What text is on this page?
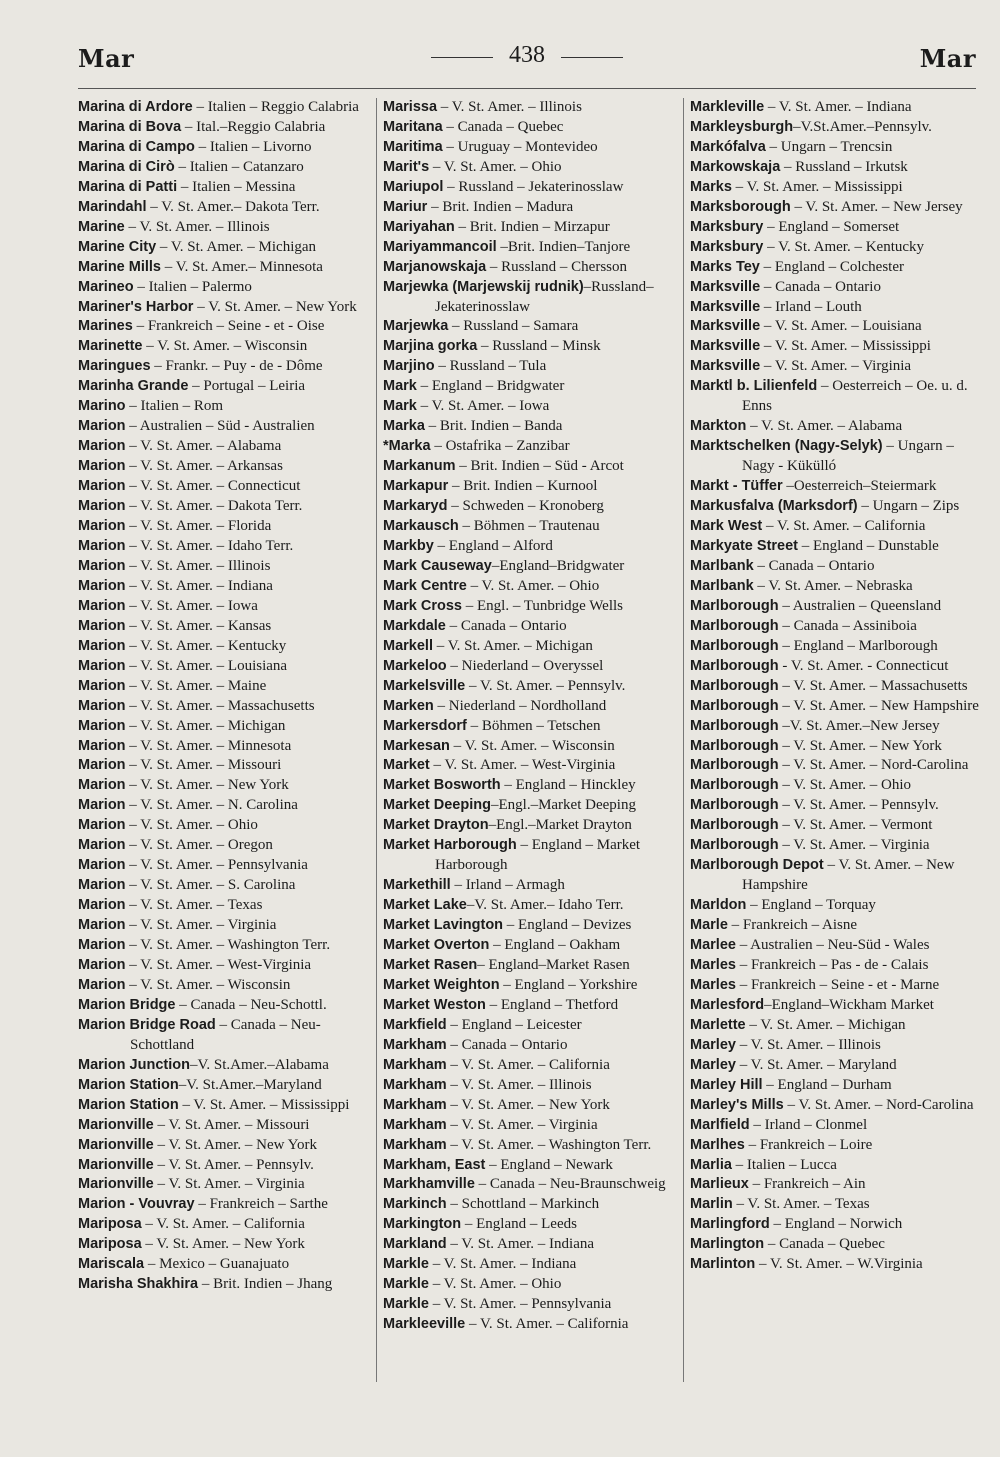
Mar	438	Mar
Marina di Ardore – Italien – Reggio Calabria
Marina di Bova – Ital.–Reggio Calabria
Marina di Campo – Italien – Livorno
Marina di Cirò – Italien – Catanzaro
Marina di Patti – Italien – Messina
Marindahl – V. St. Amer.– Dakota Terr.
Marine – V. St. Amer. – Illinois
Marine City – V. St. Amer. – Michigan
Marine Mills – V. St. Amer.– Minnesota
Marineo – Italien – Palermo
Mariner's Harbor – V. St. Amer. – New York
Marines – Frankreich – Seine - et - Oise
Marinette – V. St. Amer. – Wisconsin
Maringues – Frankr. – Puy - de - Dôme
Marinha Grande – Portugal – Leiria
Marino – Italien – Rom
Marion – Australien – Süd - Australien
Marion – V. St. Amer. – Alabama
Marion – V. St. Amer. – Arkansas
Marion – V. St. Amer. – Connecticut
Marion – V. St. Amer. – Dakota Terr.
Marion – V. St. Amer. – Florida
Marion – V. St. Amer. – Idaho Terr.
Marion – V. St. Amer. – Illinois
Marion – V. St. Amer. – Indiana
Marion – V. St. Amer. – Iowa
Marion – V. St. Amer. – Kansas
Marion – V. St. Amer. – Kentucky
Marion – V. St. Amer. – Louisiana
Marion – V. St. Amer. – Maine
Marion – V. St. Amer. – Massachusetts
Marion – V. St. Amer. – Michigan
Marion – V. St. Amer. – Minnesota
Marion – V. St. Amer. – Missouri
Marion – V. St. Amer. – New York
Marion – V. St. Amer. – N. Carolina
Marion – V. St. Amer. – Ohio
Marion – V. St. Amer. – Oregon
Marion – V. St. Amer. – Pennsylvania
Marion – V. St. Amer. – S. Carolina
Marion – V. St. Amer. – Texas
Marion – V. St. Amer. – Virginia
Marion – V. St. Amer. – Washington Terr.
Marion – V. St. Amer. – West-Virginia
Marion – V. St. Amer. – Wisconsin
Marion Bridge – Canada – Neu-Schottl.
Marion Bridge Road – Canada – Neu-Schottland
Marion Junction–V. St.Amer.–Alabama
Marion Station–V. St.Amer.–Maryland
Marion Station – V. St. Amer. – Mississippi
Marionville – V. St. Amer. – Missouri
Marionville – V. St. Amer. – New York
Marionville – V. St. Amer. – Pennsylv.
Marionville – V. St. Amer. – Virginia
Marion - Vouvray – Frankreich – Sarthe
Mariposa – V. St. Amer. – California
Mariposa – V. St. Amer. – New York
Mariscala – Mexico – Guanajuato
Marisha Shakhira – Brit. Indien – Jhang
Marissa – V. St. Amer. – Illinois
Maritana – Canada – Quebec
Maritima – Uruguay – Montevideo
Marit's – V. St. Amer. – Ohio
Mariupol – Russland – Jekaterinosslaw
Mariur – Brit. Indien – Madura
Mariyahan – Brit. Indien – Mirzapur
Mariyammancoil –Brit. Indien–Tanjore
Marjanowskaja – Russland – Chersson
Marjewka (Marjewskij rudnik)–Russland–Jekaterinosslaw
Marjewka – Russland – Samara
Marjina gorka – Russland – Minsk
Marjino – Russland – Tula
Mark – England – Bridgwater
Mark – V. St. Amer. – Iowa
Marka – Brit. Indien – Banda
*Marka – Ostafrika – Zanzibar
Markanum – Brit. Indien – Süd - Arcot
Markapur – Brit. Indien – Kurnool
Markaryd – Schweden – Kronoberg
Markausch – Böhmen – Trautenau
Markby – England – Alford
Mark Causeway–England–Bridgwater
Mark Centre – V. St. Amer. – Ohio
Mark Cross – Engl. – Tunbridge Wells
Markdale – Canada – Ontario
Markell – V. St. Amer. – Michigan
Markeloo – Niederland – Overyssel
Markelsville – V. St. Amer. – Pennsylv.
Marken – Niederland – Nordholland
Markersdorf – Böhmen – Tetschen
Markesan – V. St. Amer. – Wisconsin
Market – V. St. Amer. – West-Virginia
Market Bosworth – England – Hinckley
Market Deeping–Engl.–Market Deeping
Market Drayton–Engl.–Market Drayton
Market Harborough – England – Market Harborough
Markethill – Irland – Armagh
Market Lake–V. St. Amer.– Idaho Terr.
Market Lavington – England – Devizes
Market Overton – England – Oakham
Market Rasen– England–Market Rasen
Market Weighton – England – Yorkshire
Market Weston – England – Thetford
Markfield – England – Leicester
Markham – Canada – Ontario
Markham – V. St. Amer. – California
Markham – V. St. Amer. – Illinois
Markham – V. St. Amer. – New York
Markham – V. St. Amer. – Virginia
Markham – V. St. Amer. – Washington Terr.
Markham, East – England – Newark
Markhamville – Canada – Neu-Braunschweig
Markinch – Schottland – Markinch
Markington – England – Leeds
Markland – V. St. Amer. – Indiana
Markle – V. St. Amer. – Indiana
Markle – V. St. Amer. – Ohio
Markle – V. St. Amer. – Pennsylvania
Markleeville – V. St. Amer. – California
Markleville – V. St. Amer. – Indiana
Markleysburgh–V.St.Amer.–Pennsylv.
Markófalva – Ungarn – Trencsin
Markowskaja – Russland – Irkutsk
Marks – V. St. Amer. – Mississippi
Marksborough – V. St. Amer. – New Jersey
Marksbury – England – Somerset
Marksbury – V. St. Amer. – Kentucky
Marks Tey – England – Colchester
Marksville – Canada – Ontario
Marksville – Irland – Louth
Marksville – V. St. Amer. – Louisiana
Marksville – V. St. Amer. – Mississippi
Marksville – V. St. Amer. – Virginia
Marktl b. Lilienfeld – Oesterreich – Oe. u. d. Enns
Markton – V. St. Amer. – Alabama
Marktschelken (Nagy-Selyk) – Ungarn – Nagy - Kükülló
Markt - Tüffer –Oesterreich–Steiermark
Markusfalva (Marksdorf) – Ungarn – Zips
Mark West – V. St. Amer. – California
Markyate Street – England – Dunstable
Marlbank – Canada – Ontario
Marlbank – V. St. Amer. – Nebraska
Marlborough – Australien – Queensland
Marlborough – Canada – Assiniboia
Marlborough – England – Marlborough
Marlborough - V. St. Amer. - Connecticut
Marlborough – V. St. Amer. – Massachusetts
Marlborough – V. St. Amer. – New Hampshire
Marlborough –V. St. Amer.–New Jersey
Marlborough – V. St. Amer. – New York
Marlborough – V. St. Amer. – Nord-Carolina
Marlborough – V. St. Amer. – Ohio
Marlborough – V. St. Amer. – Pennsylv.
Marlborough – V. St. Amer. – Vermont
Marlborough – V. St. Amer. – Virginia
Marlborough Depot – V. St. Amer. – New Hampshire
Marldon – England – Torquay
Marle – Frankreich – Aisne
Marlee – Australien – Neu-Süd - Wales
Marles – Frankreich – Pas - de - Calais
Marles – Frankreich – Seine - et - Marne
Marlesford–England–Wickham Market
Marlette – V. St. Amer. – Michigan
Marley – V. St. Amer. – Illinois
Marley – V. St. Amer. – Maryland
Marley Hill – England – Durham
Marley's Mills – V. St. Amer. – Nord-Carolina
Marlfield – Irland – Clonmel
Marlhes – Frankreich – Loire
Marlia – Italien – Lucca
Marlieux – Frankreich – Ain
Marlin – V. St. Amer. – Texas
Marlingford – England – Norwich
Marlington – Canada – Quebec
Marlinton – V. St. Amer. – W.Virginia
